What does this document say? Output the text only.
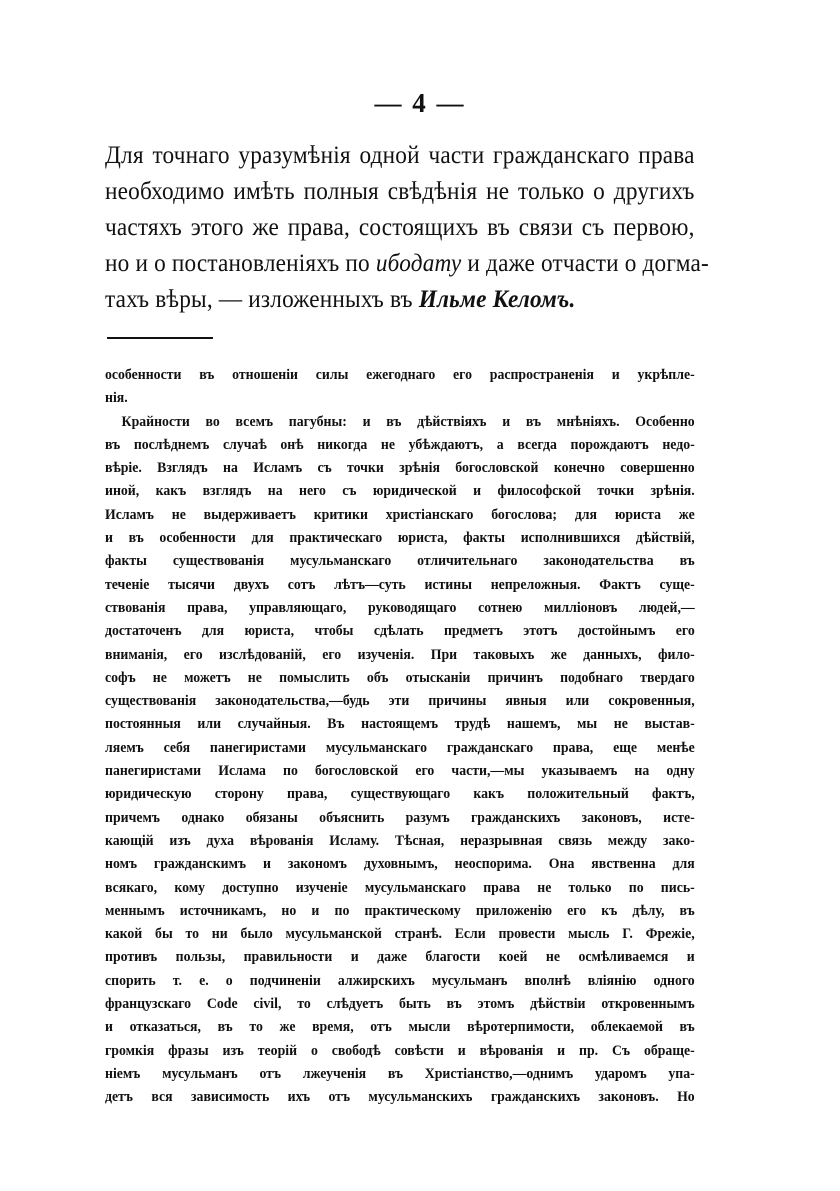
— 4 —
Для точнаго уразумѣнія одной части гражданскаго права
необходимо имѣть полныя свѣдѣнія не только о другихъ
частяхъ этого же права, состоящихъ въ связи съ первою,
но и о постановленіяхъ по ибодату и даже отчасти о догма-
тахъ вѣры, — изложенныхъ въ Ильме Келомъ.
особенности въ отношеніи силы ежегоднаго его распространенія и укрѣпле-
нія.
Крайности во всемъ пагубны: и въ дѣйствіяхъ и въ мнѣніяхъ. Особенно
въ послѣднемъ случаѣ онѣ никогда не убѣждаютъ, а всегда порождаютъ недо-
вѣріе. Взглядъ на Исламъ съ точки зрѣнія богословской конечно совершенно
иной, какъ взглядъ на него съ юридической и философской точки зрѣнія.
Исламъ не выдерживаетъ критики христіанскаго богослова; для юриста же
и въ особенности для практическаго юриста, факты исполнившихся дѣйствій,
факты существованія мусульманскаго отличительнаго законодательства въ
теченіе тысячи двухъ сотъ лѣтъ—суть истины непреложныя. Фактъ суще-
ствованія права, управляющаго, руководящаго сотнею милліоновъ людей,—
достаточенъ для юриста, чтобы сдѣлать предметъ этотъ достойнымъ его
вниманія, его изслѣдованій, его изученія. При таковыхъ же данныхъ, фило-
софъ не можетъ не помыслить объ отысканіи причинъ подобнаго твердаго
существованія законодательства,—будь эти причины явныя или сокровенныя,
постоянныя или случайныя. Въ настоящемъ трудѣ нашемъ, мы не выстав-
ляемъ себя панегиристами мусульманскаго гражданскаго права, еще менѣе
панегиристами Ислама по богословской его части,—мы указываемъ на одну
юридическую сторону права, существующаго какъ положительный фактъ,
причемъ однако обязаны объяснить разумъ гражданскихъ законовъ, исте-
кающій изъ духа вѣрованія Исламу. Тѣсная, неразрывная связь между зако-
номъ гражданскимъ и закономъ духовнымъ, неоспорима. Она явственна для
всякаго, кому доступно изученіе мусульманскаго права не только по пись-
меннымъ источникамъ, но и по практическому приложенію его къ дѣлу, въ
какой бы то ни было мусульманской странѣ. Если провести мысль Г. Фрежіе,
противъ пользы, правильности и даже благости коей не осмѣливаемся и
спорить т. е. о подчиненіи алжирскихъ мусульманъ вполнѣ вліянію одного
французскаго Code civil, то слѣдуетъ быть въ этомъ дѣйствіи откровеннымъ
и отказаться, въ то же время, отъ мысли вѣротерпимости, облекаемой въ
громкія фразы изъ теорій о свободѣ совѣсти и вѣрованія и пр. Съ обраще-
ніемъ мусульманъ отъ лжеученія въ Христіанство,—однимъ ударомъ упа-
детъ вся зависимость ихъ отъ мусульманскихъ гражданскихъ законовъ. Но
